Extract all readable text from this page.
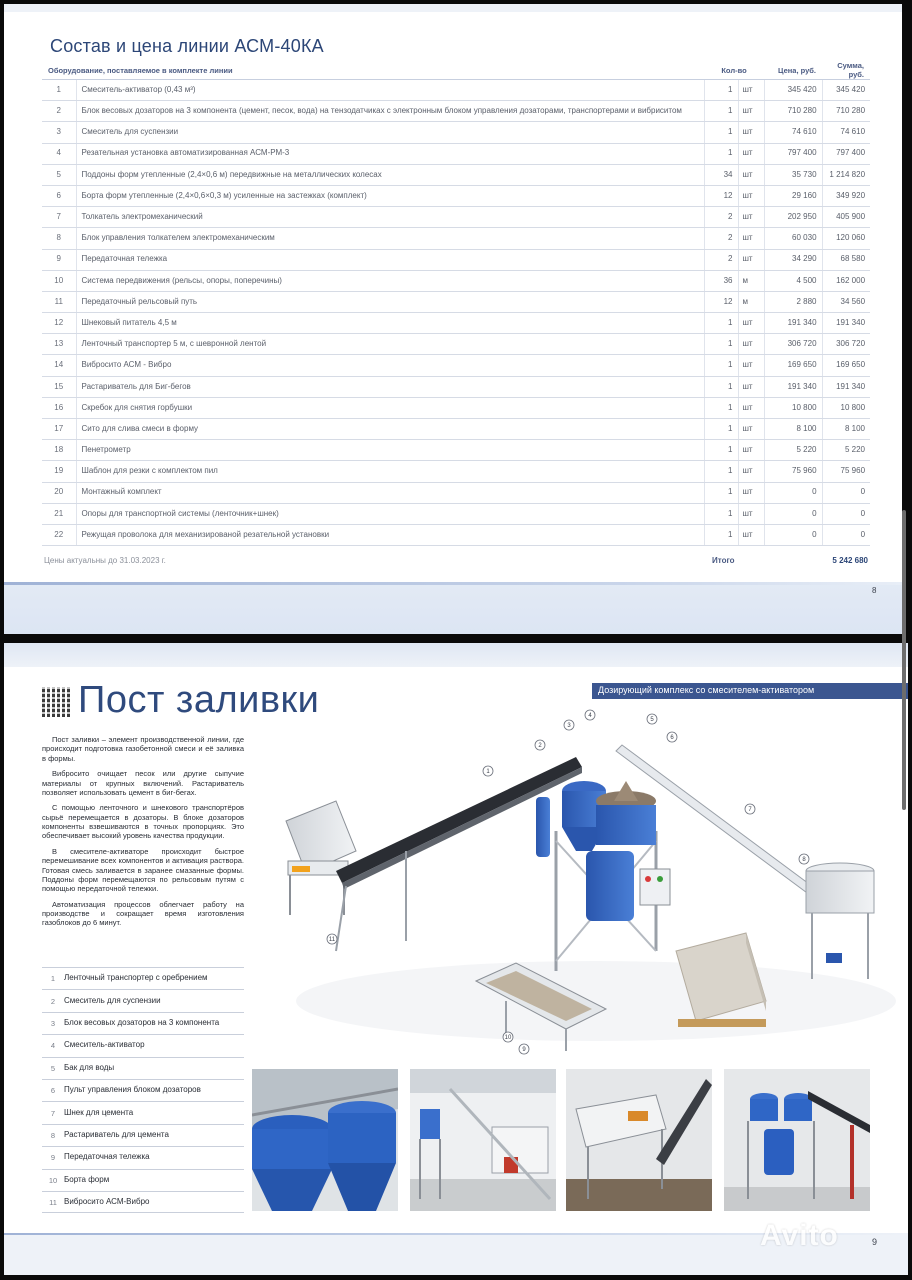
Состав и цена линии АСМ-40КА
Оборудование, поставляемое в комплекте линии		Кол-во		Цена, руб.	Сумма, руб.
1	Смеситель-активатор (0,43 м³)	1	шт	345 420	345 420
2	Блок весовых дозаторов на 3 компонента (цемент, песок, вода) на тензодатчиках с электронным блоком управления дозаторами, транспортерами и вибриситом	1	шт	710 280	710 280
3	Смеситель для суспензии	1	шт	74 610	74 610
4	Резательная установка автоматизированная АСМ-РМ-3	1	шт	797 400	797 400
5	Поддоны форм утепленные (2,4×0,6 м) передвижные на металлических колесах	34	шт	35 730	1 214 820
6	Борта форм утепленные (2,4×0,6×0,3 м) усиленные на застежках (комплект)	12	шт	29 160	349 920
7	Толкатель электромеханический	2	шт	202 950	405 900
8	Блок управления толкателем электромеханическим	2	шт	60 030	120 060
9	Передаточная тележка	2	шт	34 290	68 580
10	Система передвижения (рельсы, опоры, поперечины)	36	м	4 500	162 000
11	Передаточный рельсовый путь	12	м	2 880	34 560
12	Шнековый питатель 4,5 м	1	шт	191 340	191 340
13	Ленточный транспортер 5 м, с шевронной лентой	1	шт	306 720	306 720
14	Вибросито АСМ - Вибро	1	шт	169 650	169 650
15	Растариватель для Биг-бегов	1	шт	191 340	191 340
16	Скребок для снятия горбушки	1	шт	10 800	10 800
17	Сито для слива смеси в форму	1	шт	8 100	8 100
18	Пенетрометр	1	шт	5 220	5 220
19	Шаблон для резки с комплектом пил	1	шт	75 960	75 960
20	Монтажный комплект	1	шт	0	0
21	Опоры для транспортной системы (ленточник+шнек)	1	шт	0	0
22	Режущая проволока для механизированой резательной установки	1	шт	0	0
Цены актуальны до 31.03.2023 г.	Итого	5 242 680
8
Пост заливки	Дозирующий комплекс со смесителем-активатором

Пост заливки – элемент производственной линии, где происходит подготовка газобетонной смеси и её заливка в формы.

Вибросито очищает песок или другие сыпучие материалы от крупных включений. Растариватель позволяет использовать цемент в биг-бегах.

С помощью ленточного и шнекового транспортёров сырьё перемещается в дозаторы. В блоке дозаторов компоненты взвешиваются в точных пропорциях. Это обеспечивает высокий уровень качества продукции.

В смесителе-активаторе происходит быстрое перемешивание всех компонентов и активация раствора. Готовая смесь заливается в заранее смазанные формы. Поддоны форм перемещаются по рельсовым путям с помощью передаточной тележки.

Автоматизация процессов облегчает работу на производстве и сокращает время изготовления газоблоков до 6 минут.

1	Ленточный транспортер с оребрением
2	Смеситель для суспензии
3	Блок весовых дозаторов на 3 компонента
4	Смеситель-активатор
5	Бак для воды
6	Пульт управления блоком дозаторов
7	Шнек для цемента
8	Растариватель для цемента
9	Передаточная тележка
10 Борта форм
11 Вибросито АСМ-Вибро
1
2
3
4
5
6
7
8
9
10
11
Avito	9
